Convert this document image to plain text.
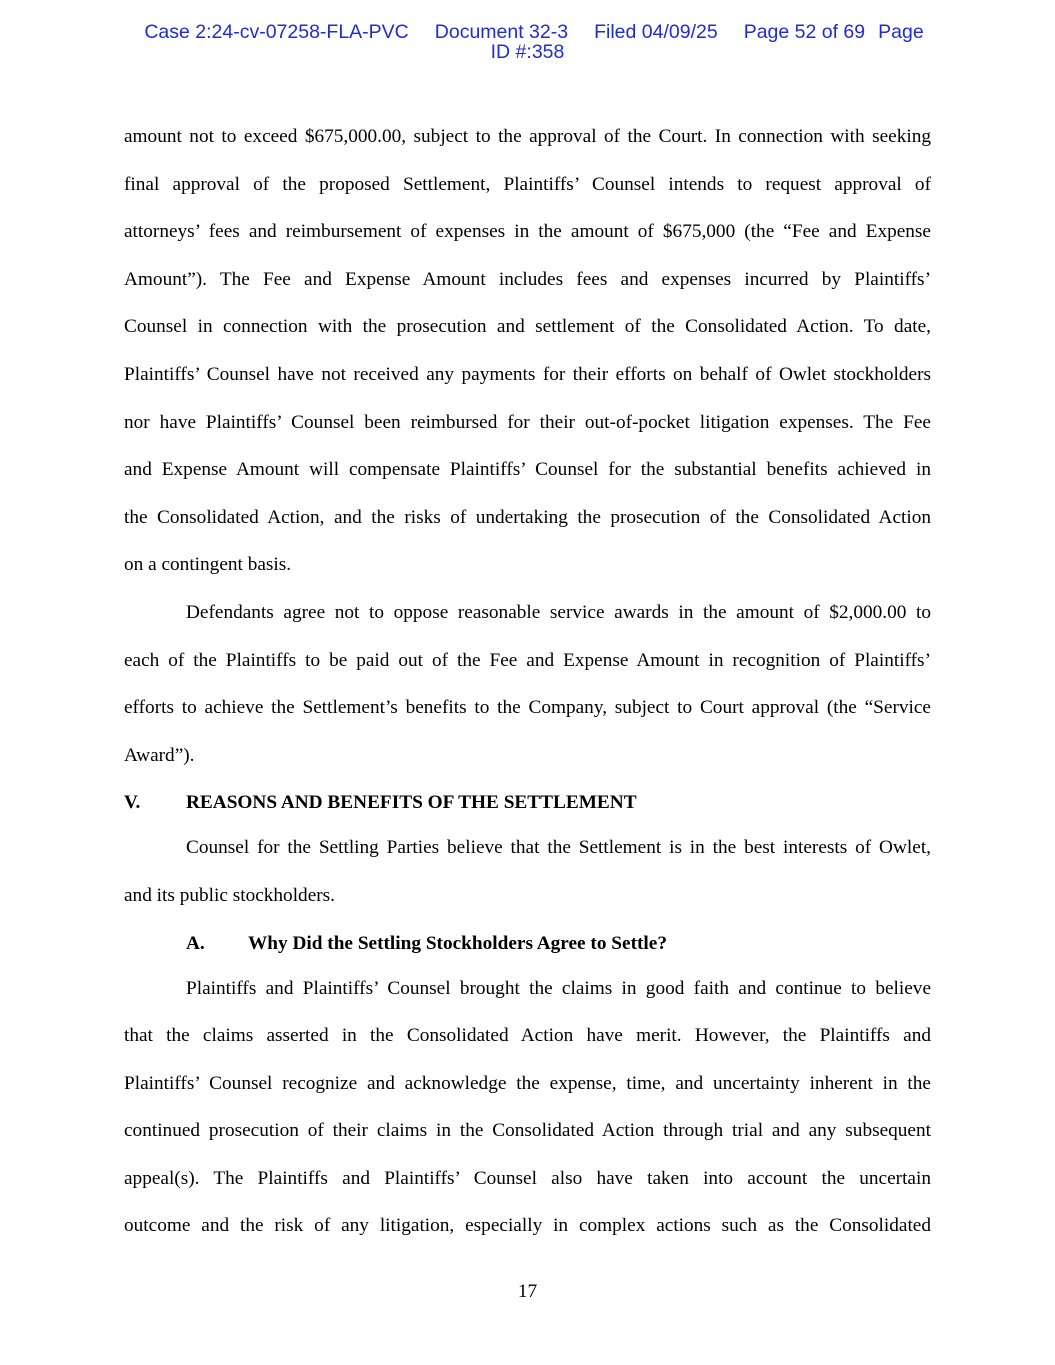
Case 2:24-cv-07258-FLA-PVC Document 32-3 Filed 04/09/25 Page 52 of 69 Page
ID #:358
amount not to exceed $675,000.00, subject to the approval of the Court. In connection with seeking
final approval of the proposed Settlement, Plaintiffs’ Counsel intends to request approval of
attorneys’ fees and reimbursement of expenses in the amount of $675,000 (the “Fee and Expense
Amount”). The Fee and Expense Amount includes fees and expenses incurred by Plaintiffs’
Counsel in connection with the prosecution and settlement of the Consolidated Action. To date,
Plaintiffs’ Counsel have not received any payments for their efforts on behalf of Owlet stockholders
nor have Plaintiffs’ Counsel been reimbursed for their out-of-pocket litigation expenses. The Fee
and Expense Amount will compensate Plaintiffs’ Counsel for the substantial benefits achieved in
the Consolidated Action, and the risks of undertaking the prosecution of the Consolidated Action
on a contingent basis.
Defendants agree not to oppose reasonable service awards in the amount of $2,000.00 to
each of the Plaintiffs to be paid out of the Fee and Expense Amount in recognition of Plaintiffs’
efforts to achieve the Settlement’s benefits to the Company, subject to Court approval (the “Service
Award”).
V. REASONS AND BENEFITS OF THE SETTLEMENT
Counsel for the Settling Parties believe that the Settlement is in the best interests of Owlet,
and its public stockholders.
A. Why Did the Settling Stockholders Agree to Settle?
Plaintiffs and Plaintiffs’ Counsel brought the claims in good faith and continue to believe
that the claims asserted in the Consolidated Action have merit. However, the Plaintiffs and
Plaintiffs’ Counsel recognize and acknowledge the expense, time, and uncertainty inherent in the
continued prosecution of their claims in the Consolidated Action through trial and any subsequent
appeal(s). The Plaintiffs and Plaintiffs’ Counsel also have taken into account the uncertain
outcome and the risk of any litigation, especially in complex actions such as the Consolidated
17
